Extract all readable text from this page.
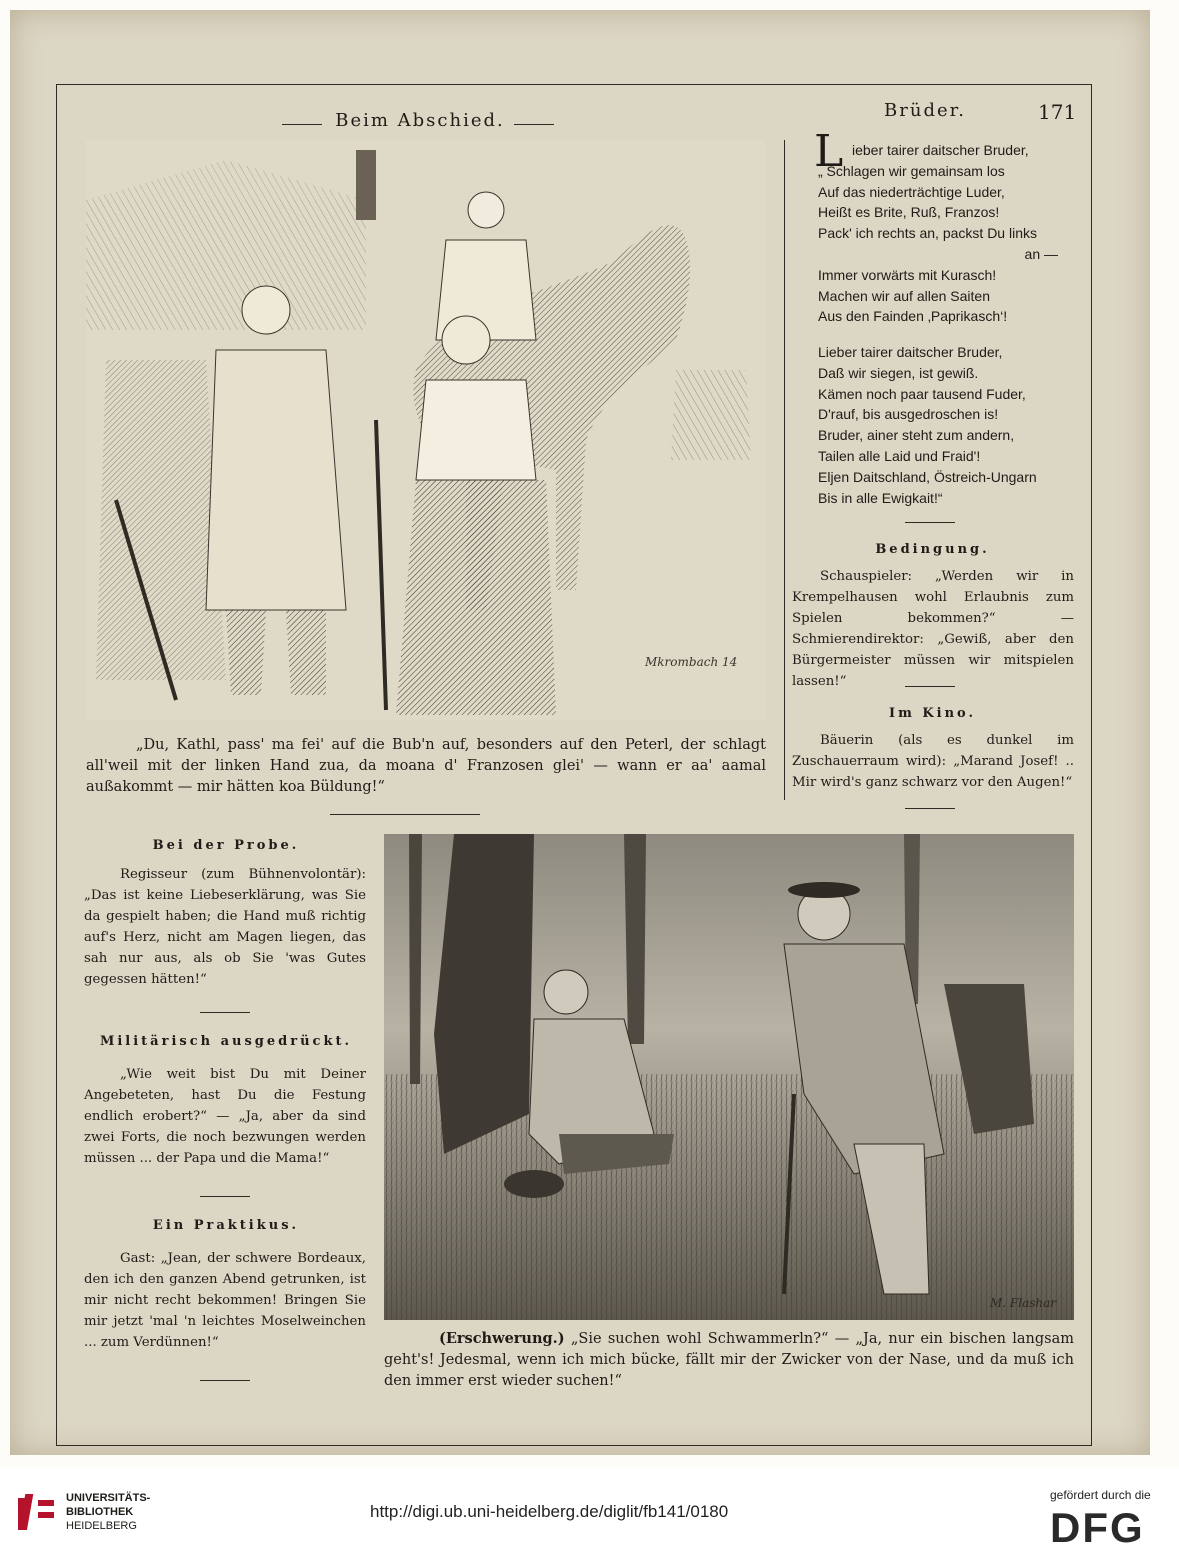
Beim Abschied.	Brüder.	171
Mkrombach 14
„Du, Kathl, pass' ma fei' auf die Bub'n auf, besonders auf den Peterl, der schlagt all'weil mit der linken Hand zua, da moana d' Franzosen glei' — wann er aa' aamal außakommt — mir hätten koa Büldung!“
L ieber tairer daitscher Bruder,
„ Schlagen wir gemainsam los
Auf das niederträchtige Luder,
Heißt es Brite, Ruß, Franzos!
Pack' ich rechts an, packst Du links
an —
Immer vorwärts mit Kurasch!
Machen wir auf allen Saiten
Aus den Fainden ‚Paprikasch‘!
Lieber tairer daitscher Bruder,
Daß wir siegen, ist gewiß.
Kämen noch paar tausend Fuder,
D'rauf, bis ausgedroschen is!
Bruder, ainer steht zum andern,
Tailen alle Laid und Fraid'!
Eljen Daitschland, Östreich-Ungarn
Bis in alle Ewigkait!“
Bedingung.
Schauspieler: „Werden wir in Krempelhausen wohl Erlaubnis zum Spielen bekommen?“ — Schmierendirektor: „Gewiß, aber den Bürgermeister müssen wir mitspielen lassen!“
Im Kino.
Bäuerin (als es dunkel im Zuschauerraum wird): „Marand Josef! .. Mir wird's ganz schwarz vor den Augen!“
Bei der Probe.
Regisseur (zum Bühnenvolontär): „Das ist keine Liebeserklärung, was Sie da gespielt haben; die Hand muß richtig auf's Herz, nicht am Magen liegen, das sah nur aus, als ob Sie 'was Gutes gegessen hätten!“
Militärisch ausgedrückt.
„Wie weit bist Du mit Deiner Angebeteten, hast Du die Festung endlich erobert?“ — „Ja, aber da sind zwei Forts, die noch bezwungen werden müssen ... der Papa und die Mama!“
Ein Praktikus.
Gast: „Jean, der schwere Bordeaux, den ich den ganzen Abend getrunken, ist mir nicht recht bekommen! Bringen Sie mir jetzt 'mal 'n leichtes Moselweinchen ... zum Verdünnen!“
M. Flashar
(Erschwerung.) „Sie suchen wohl Schwammerln?“ — „Ja, nur ein bischen langsam geht's! Jedesmal, wenn ich mich bücke, fällt mir der Zwicker von der Nase, und da muß ich den immer erst wieder suchen!“
UNIVERSITÄTS-
BIBLIOTHEK
HEIDELBERG
http://digi.ub.uni-heidelberg.de/diglit/fb141/0180
gefördert durch die
DFG
